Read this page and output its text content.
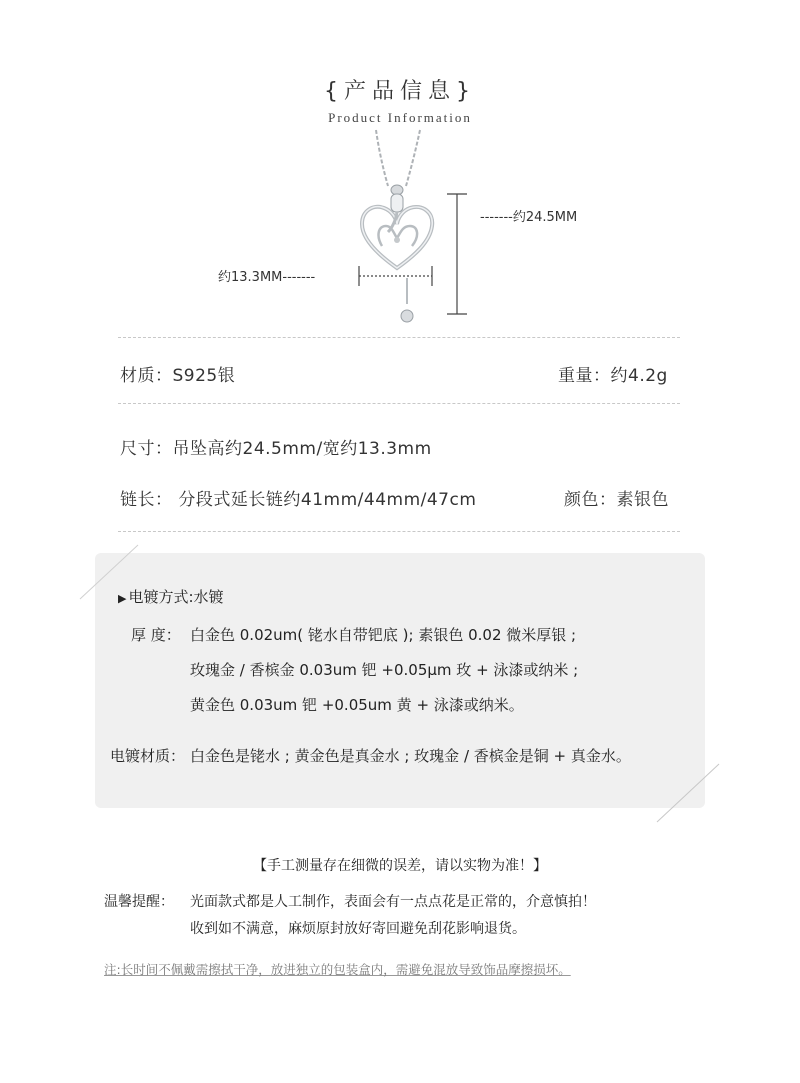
{产品信息}
Product Information
-------约24.5MM
约13.3MM-------
材质：S925银	重量：约4.2g
尺寸：吊坠高约24.5mm/宽约13.3mm
链长： 分段式延长链约41mm/44mm/47cm	颜色：素银色
▶ 电镀方式:水镀
厚 度： 白金色 0.02um( 铑水自带钯底 ); 素银色 0.02 微米厚银 ;
玫瑰金 / 香槟金 0.03um 钯 +0.05μm 玫 + 泳漆或纳米 ;
黄金色 0.03um 钯 +0.05um 黄 + 泳漆或纳米。
电镀材质： 白金色是铑水 ; 黄金色是真金水 ; 玫瑰金 / 香槟金是铜 + 真金水。
【手工测量存在细微的误差，请以实物为准！】
温馨提醒： 光面款式都是人工制作，表面会有一点点花是正常的，介意慎拍！
收到如不满意，麻烦原封放好寄回避免刮花影响退货。
注:长时间不佩戴需擦拭干净，放进独立的包装盒内，需避免混放导致饰品摩擦损坏。
